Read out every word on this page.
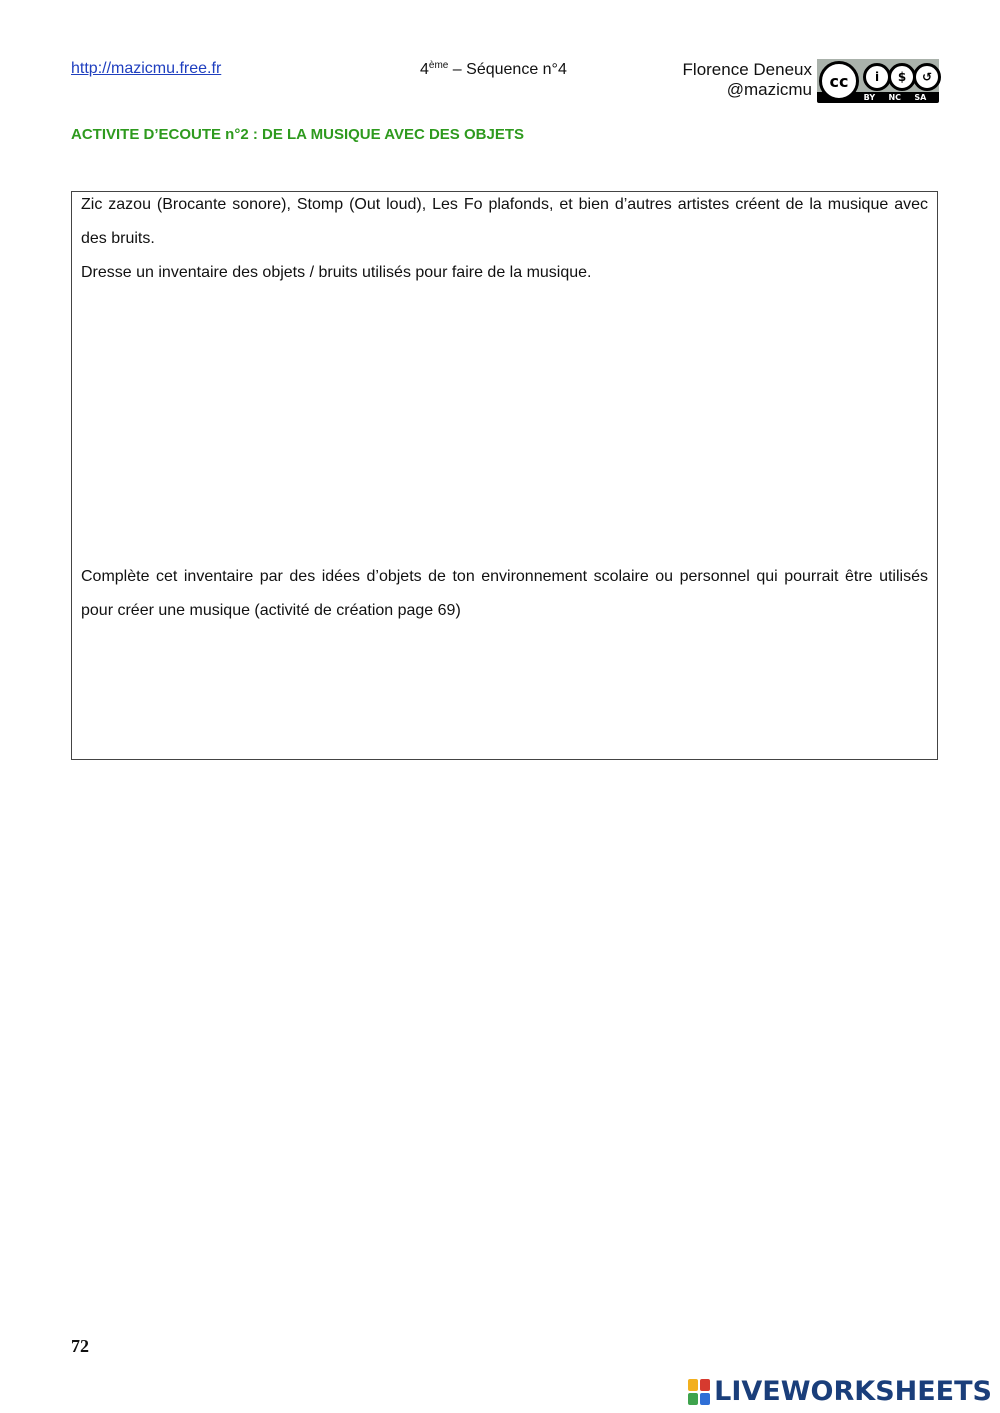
http://mazicmu.free.fr	4ème – Séquence n°4	Florence Deneux
@mazicmu	cc	i	$	↺
BY NC SA
ACTIVITE D’ECOUTE n°2 : DE LA MUSIQUE AVEC DES OBJETS

Zic zazou (Brocante sonore), Stomp (Out loud), Les Fo plafonds, et bien d’autres artistes créent de la musique avec des bruits.

Dresse un inventaire des objets / bruits utilisés pour faire de la musique.

Complète cet inventaire par des idées d’objets de ton environnement scolaire ou personnel qui pourrait être utilisés pour créer une musique (activité de création page 69)

72
LIVEWORKSHEETS
